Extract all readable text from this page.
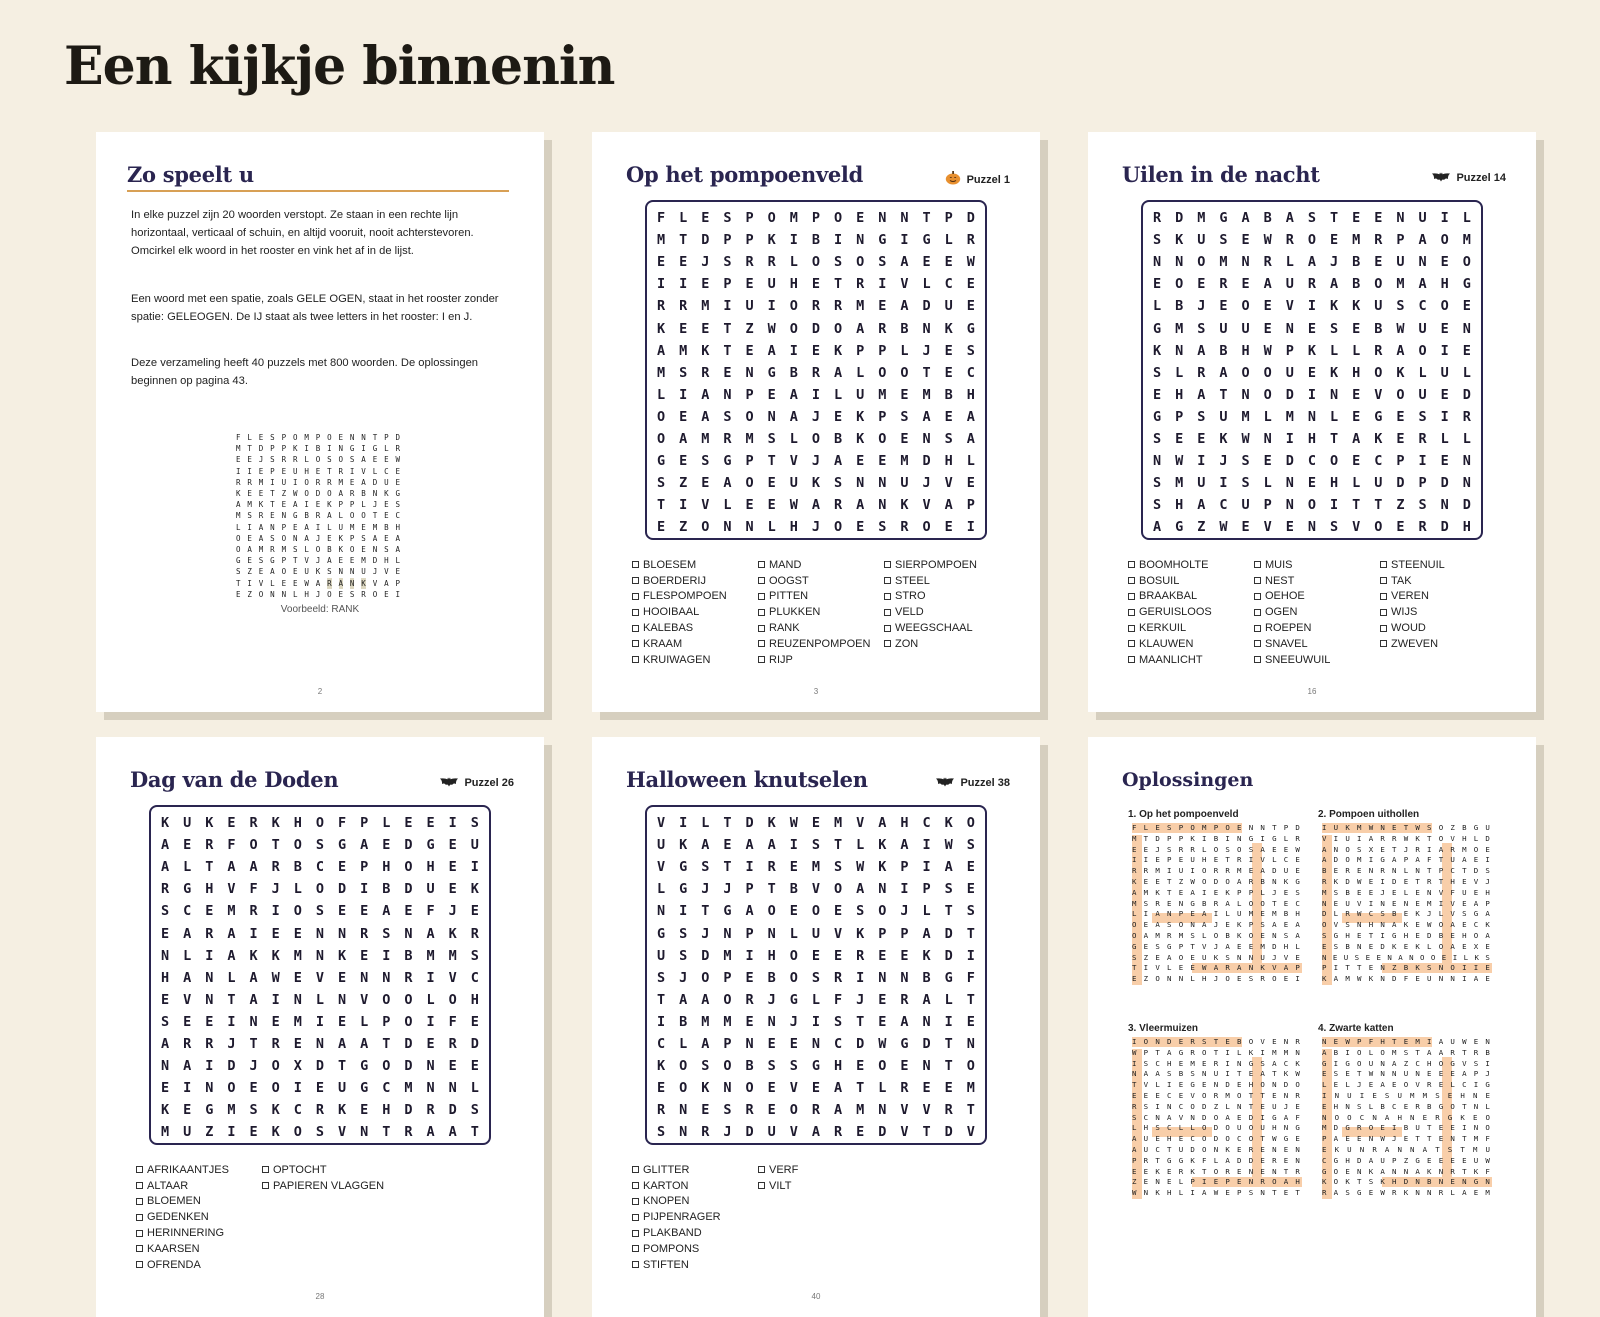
Een kijkje binnenin
Zo speelt u

In elke puzzel zijn 20 woorden verstopt. Ze staan in een rechte lijn horizontaal, verticaal of schuin, en altijd vooruit, nooit achterstevoren. Omcirkel elk woord in het rooster en vink het af in de lijst.

Een woord met een spatie, zoals GELE OGEN, staat in het rooster zonder spatie: GELEOGEN. De IJ staat als twee letters in het rooster: I en J.

Deze verzameling heeft 40 puzzels met 800 woorden. De oplossingen beginnen op pagina 43.

F L E S P O M P O E N N T P D
M T D P P K I B I N G I G L R
E E J S R R L O S O S A E E W
I I E P E U H E T R I V L C E
R R M I U I O R R M E A D U E
K E E T Z W O D O A R B N K G
A M K T E A I E K P P L J E S
M S R E N G B R A L O O T E C
L I A N P E A I L U M E M B H
O E A S O N A J E K P S A E A
O A M R M S L O B K O E N S A
G E S G P T V J A E E M D H L
S Z E A O E U K S N N U J V E
T I V L E E W A R A N K V A P
E Z O N N L H J O E S R O E I
Voorbeeld: RANK
2
Op het pompoenveld	Puzzel 1
F L E S P O M P O E N N T P D
M T D P P K I B I N G I G L R
E E J S R R L O S O S A E E W
I I E P E U H E T R I V L C E
R R M I U I O R R M E A D U E
K E E T Z W O D O A R B N K G
A M K T E A I E K P P L J E S
M S R E N G B R A L O O T E C
L I A N P E A I L U M E M B H
O E A S O N A J E K P S A E A
O A M R M S L O B K O E N S A
G E S G P T V J A E E M D H L
S Z E A O E U K S N N U J V E
T I V L E E W A R A N K V A P
E Z O N N L H J O E S R O E I
BLOESEM
BOERDERIJ
FLESPOMPOEN
HOOIBAAL
KALEBAS
KRAAM
KRUIWAGEN
MAND
OOGST
PITTEN
PLUKKEN
RANK
REUZENPOMPOEN
RIJP
SIERPOMPOEN
STEEL
STRO
VELD
WEEGSCHAAL
ZON
3
Uilen in de nacht	Puzzel 14
R D M G A B A S T E E N U I L
S K U S E W R O E M R P A O M
N N O M N R L A J B E U N E O
E O E R E A U R A B O M A H G
L B J E O E V I K K U S C O E
G M S U U E N E S E B W U E N
K N A B H W P K L L R A O I E
S L R A O O U E K H O K L U L
E H A T N O D I N E V O U E D
G P S U M L M N L E G E S I R
S E E K W N I H T A K E R L L
N W I J S E D C O E C P I E N
S M U I S L N E H L U D P D N
S H A C U P N O I T T Z S N D
A G Z W E V E N S V O E R D H
BOOMHOLTE
BOSUIL
BRAAKBAL
GERUISLOOS
KERKUIL
KLAUWEN
MAANLICHT
MUIS
NEST
OEHOE
OGEN
ROEPEN
SNAVEL
SNEEUWUIL
STEENUIL
TAK
VEREN
WIJS
WOUD
ZWEVEN
16
Dag van de Doden	Puzzel 26
K U K E R K H O F P L E E I S
A E R F O T O S G A E D G E U
A L T A A R B C E P H O H E I
R G H V F J L O D I B D U E K
S C E M R I O S E E A E F J E
E A R A I E E N N R S N A K R
N L I A K K M N K E I B M M S
H A N L A W E V E N N R I V C
E V N T A I N L N V O O L O H
S E E I N E M I E L P O I F E
A R R J T R E N A A T D E R D
N A I D J O X D T G O D N E E
E I N O E O I E U G C M N N L
K E G M S K C R K E H D R D S
M U Z I E K O S V N T R A A T
AFRIKAANTJES
ALTAAR
BLOEMEN
GEDENKEN
HERINNERING
KAARSEN
OFRENDA
OPTOCHT
PAPIEREN VLAGGEN
28
Halloween knutselen	Puzzel 38
V I L T D K W E M V A H C K O
U K A E A A I S T L K A I W S
V G S T I R E M S W K P I A E
L G J J P T B V O A N I P S E
N I T G A O E O E S O J L T S
G S J N P N L U V K P P A D T
U S D M I H O E E R E E K D I
S J O P E B O S R I N N B G F
T A A O R J G L F J E R A L T
I B M M E N J I S T E A N I E
C L A P N E E N C D W G D T N
K O S O B S S G H E O E N T O
E O K N O E V E A T L R E E M
R N E S R E O R A M N V V R T
S N R J D U V A R E D V T D V
GLITTER
KARTON
KNOPEN
PIJPENRAGER
PLAKBAND
POMPONS
STIFTEN
VERF
VILT
40
Oplossingen
1. Op het pompoenveld
F L E S P O M P O E N N T P D
M T D P P K I B I N G I G L R
E E J S R R L O S O S A E E W
I I E P E U H E T R I V L C E
R R M I U I O R R M E A D U E
K E E T Z W O D O A R B N K G
A M K T E A I E K P P L J E S
M S R E N G B R A L O O T E C
L I A N P E A I L U M E M B H
O E A S O N A J E K P S A E A
O A M R M S L O B K O E N S A
G E S G P T V J A E E M D H L
S Z E A O E U K S N N U J V E
T I V L E E W A R A N K V A P
E Z O N N L H J O E S R O E I
2. Pompoen uithollen
I U K M W N E T W S O Z B G U
V I U I A R R W K T O V H L D
A N O S X E T J R I A R M O E
A D O M I G A P A F T U A E I
B E R E N R N L N T P C T D S
R K D W E I D E T R T H E V J
M S B E E J E L E N V F U E H
N E U V I N E N E M I V E A P
D L R W C S B E K J L V S G A
O V S N H N A K E W O A E C K
S G H E T I G H E D B E H O A
E S B N E D K E K L O A E X E
N E U S E E N A N O O E I L K S
P I T T E N Z B K S N O I I E
K A M W K N D F E U N N I A E
3. Vleermuizen
I O N D E R S T E B O V E N R
W P T A G R O T I L K I M M N
I S C H E M E R I N G S A C K
N A A S B S N U I T E A T K W
T V L I E G E N D E H O N D O
E E E C E V O R M O T T E N R
R S I N C O D Z L N T E U J E
S C N A V N D O A E D I G A F
L H S C L L O D O U O U H N G
A U E H E C O D O C O T W G E
A U C T U D O N K E R E N E N
P R T G G K F L A D D E R E N
E E K E R K T O R E N E N T R
Z E N E L P I E P E N R O A H
W N K H L I A W E P S N T E T
4. Zwarte katten
N E W P F H T E M I A U W E N
A B I O L O M S T A A R T R B
G I G O U N A Z C H O G V S I
E S E T W N N U N E E E A P J
L E L J E A E O V R E L C I G
I N U I E S U M M S E H N E
E H N S L B C E R B G O T N L
N O O C N A H N E R G K E O
M D G R O E I B U T E E I N O
P A E E N W J E T T E N T M F
E K U N R A N N A T S T M U
C G H D A U P Z G E E E E U W
G O E N K A N N A K N R T K F
K O K T S K H D N B N E N G N
R A S G E W R K N N R L A E M
